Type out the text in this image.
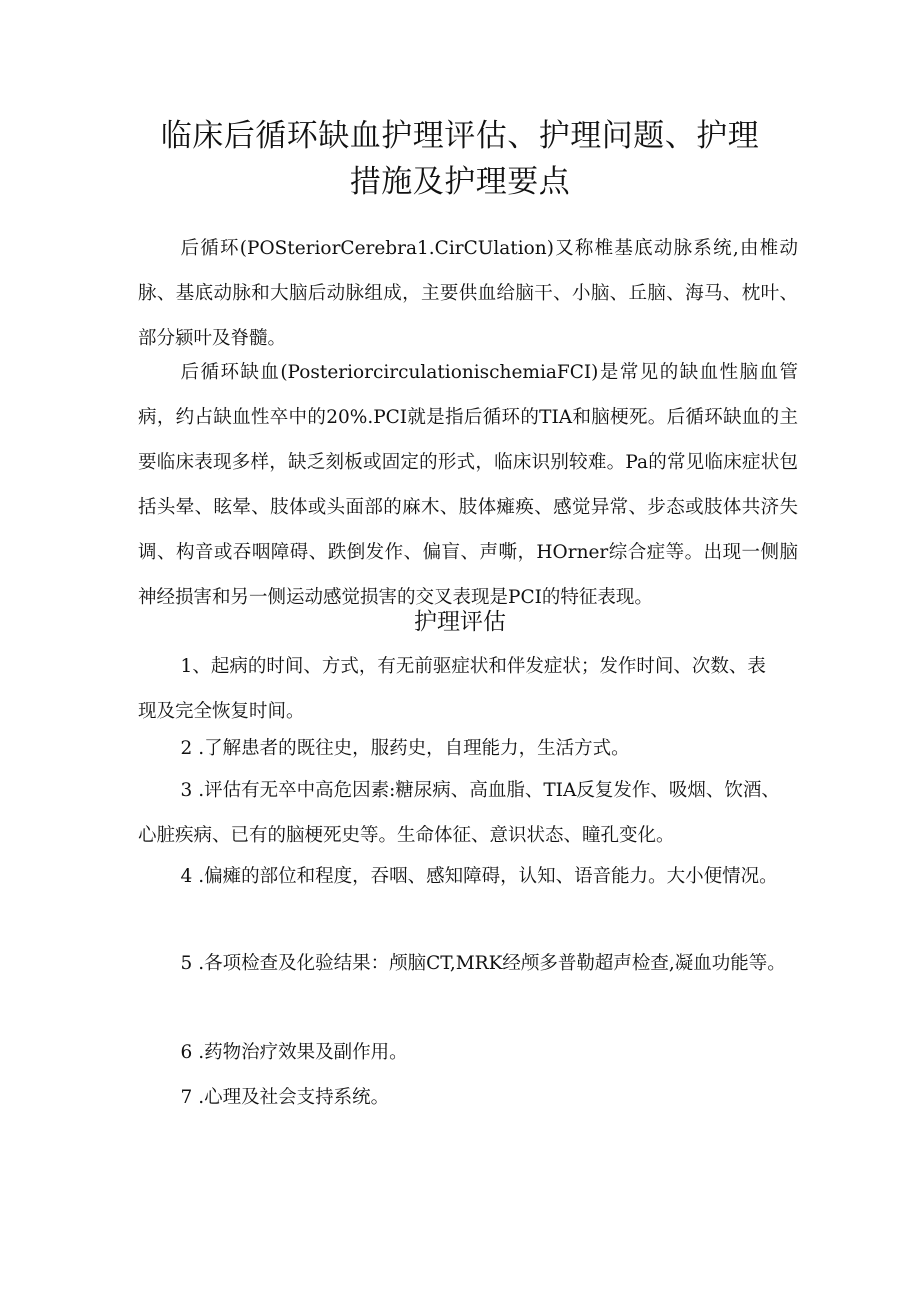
临床后循环缺血护理评估、护理问题、护理
措施及护理要点

后循环(POSteriorCerebra1.CirCUlation)又称椎基底动脉系统,由椎动脉、基底动脉和大脑后动脉组成，主要供血给脑干、小脑、丘脑、海马、枕叶、部分颍叶及脊髓。

后循环缺血(PosteriorcirculationischemiaFCI)是常见的缺血性脑血管病，约占缺血性卒中的20%.PCI就是指后循环的TIA和脑梗死。后循环缺血的主要临床表现多样，缺乏刻板或固定的形式，临床识别较难。Pa的常见临床症状包括头晕、眩晕、肢体或头面部的麻木、肢体瘫痪、感觉异常、步态或肢体共济失调、构音或吞咽障碍、跌倒发作、偏盲、声嘶，HOrner综合症等。出现一侧脑神经损害和另一侧运动感觉损害的交叉表现是PCI的特征表现。

护理评估

1、起病的时间、方式，有无前驱症状和伴发症状；发作时间、次数、表现及完全恢复时间。

2 .了解患者的既往史，服药史，自理能力，生活方式。

3 .评估有无卒中高危因素:糖尿病、高血脂、TIA反复发作、吸烟、饮酒、心脏疾病、已有的脑梗死史等。生命体征、意识状态、瞳孔变化。

4 .偏瘫的部位和程度，吞咽、感知障碍，认知、语音能力。大小便情况。

5 .各项检查及化验结果：颅脑CT,MRK经颅多普勒超声检查,凝血功能等。

6 .药物治疗效果及副作用。

7 .心理及社会支持系统。
